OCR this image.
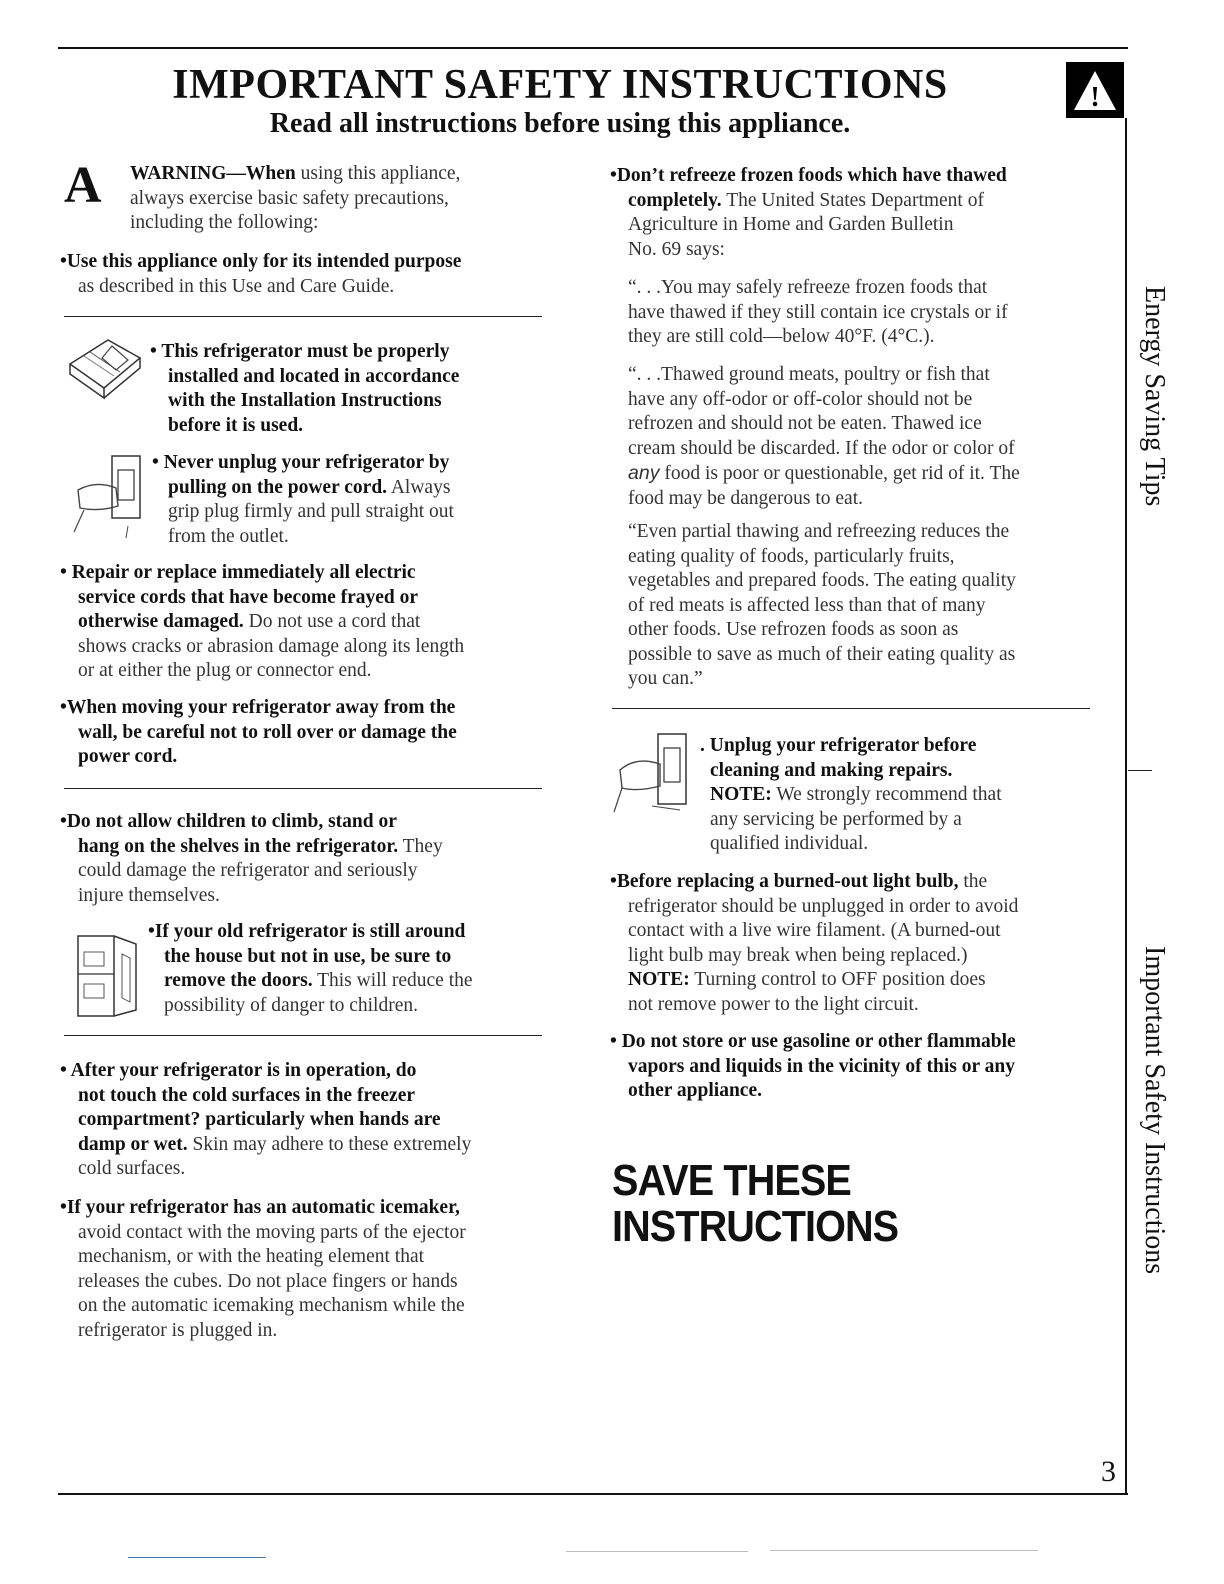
IMPORTANT SAFETY INSTRUCTIONS
Read all instructions before using this appliance.
!
A WARNING—When using this appliance,
always exercise basic safety precautions,
including the following:
•Use this appliance only for its intended purpose
as described in this Use and Care Guide.
• This refrigerator must be properly
installed and located in accordance
with the Installation Instructions
before it is used.
• Never unplug your refrigerator by
pulling on the power cord. Always
grip plug firmly and pull straight out
from the outlet.
• Repair or replace immediately all electric
service cords that have become frayed or
otherwise damaged. Do not use a cord that
shows cracks or abrasion damage along its length
or at either the plug or connector end.
•When moving your refrigerator away from the
wall, be careful not to roll over or damage the
power cord.
•Do not allow children to climb, stand or
hang on the shelves in the refrigerator. They
could damage the refrigerator and seriously
injure themselves.
•If your old refrigerator is still around
the house but not in use, be sure to
remove the doors. This will reduce the
possibility of danger to children.
• After your refrigerator is in operation, do
not touch the cold surfaces in the freezer
compartment? particularly when hands are
damp or wet. Skin may adhere to these extremely
cold surfaces.
•If your refrigerator has an automatic icemaker,
avoid contact with the moving parts of the ejector
mechanism, or with the heating element that
releases the cubes. Do not place fingers or hands
on the automatic icemaking mechanism while the
refrigerator is plugged in.
•Don’t refreeze frozen foods which have thawed
completely. The United States Department of
Agriculture in Home and Garden Bulletin
No. 69 says:
“. . .You may safely refreeze frozen foods that
have thawed if they still contain ice crystals or if
they are still cold—below 40°F. (4°C.).
“. . .Thawed ground meats, poultry or fish that
have any off-odor or off-color should not be
refrozen and should not be eaten. Thawed ice
cream should be discarded. If the odor or color of
any food is poor or questionable, get rid of it. The
food may be dangerous to eat.
“Even partial thawing and refreezing reduces the
eating quality of foods, particularly fruits,
vegetables and prepared foods. The eating quality
of red meats is affected less than that of many
other foods. Use refrozen foods as soon as
possible to save as much of their eating quality as
you can.”
. Unplug your refrigerator before
cleaning and making repairs.
NOTE: We strongly recommend that
any servicing be performed by a
qualified individual.
•Before replacing a burned-out light bulb, the
refrigerator should be unplugged in order to avoid
contact with a live wire filament. (A burned-out
light bulb may break when being replaced.)
NOTE: Turning control to OFF position does
not remove power to the light circuit.
• Do not store or use gasoline or other flammable
vapors and liquids in the vicinity of this or any
other appliance.
SAVE THESE
INSTRUCTIONS
Energy Saving Tips
Important Safety Instructions
3
